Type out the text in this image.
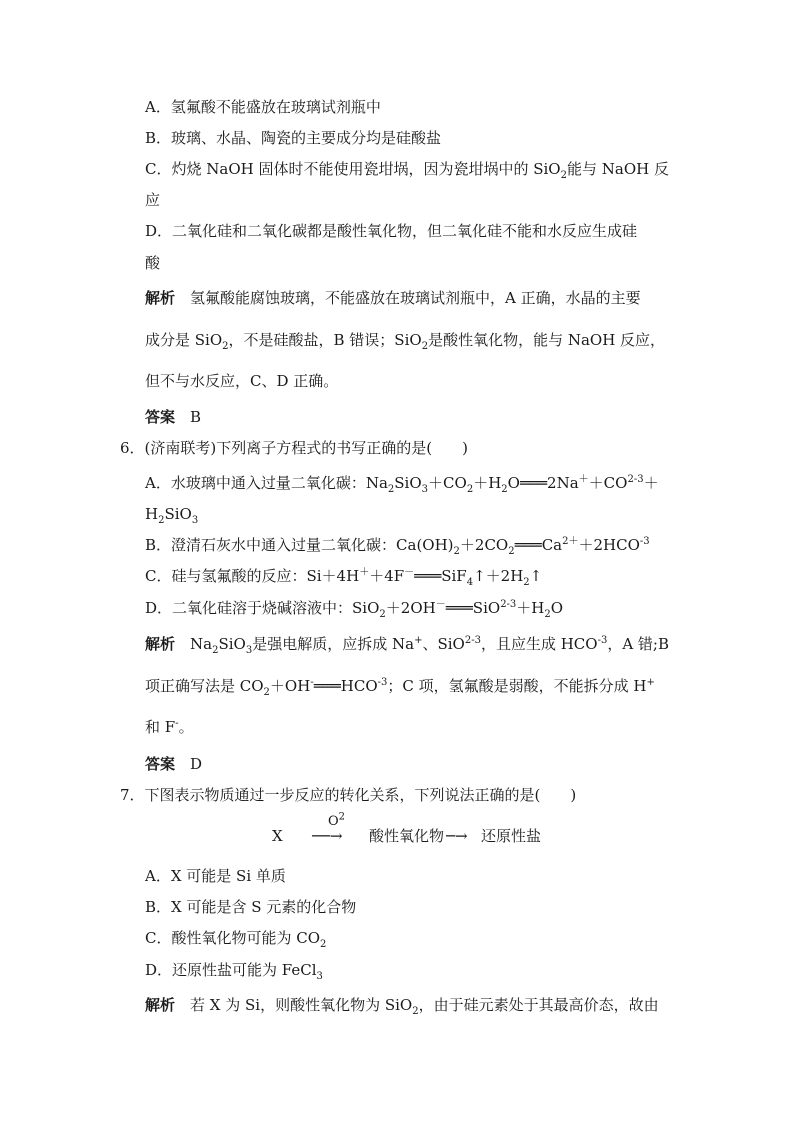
A．氢氟酸不能盛放在玻璃试剂瓶中
B．玻璃、水晶、陶瓷的主要成分均是硅酸盐
C．灼烧 NaOH 固体时不能使用瓷坩埚，因为瓷坩埚中的 SiO$_2$能与 NaOH 反
应
D．二氧化硅和二氧化碳都是酸性氧化物，但二氧化硅不能和水反应生成硅
酸
解析　 氢氟酸能腐蚀玻璃，不能盛放在玻璃试剂瓶中，A 正确，水晶的主要
成分是 SiO$_2$，不是硅酸盐，B 错误；SiO$_2$是酸性氧化物，能与 NaOH 反应，
但不与水反应，C、D 正确。
答案　 B
6．(济南联考)下列离子方程式的书写正确的是(　　)
A．水玻璃中通入过量二氧化碳：$Na_2SiO_3+CO_2+H_2O═══2Na^++CO^{2-3}+$
$H_2SiO_3$
B．澄清石灰水中通入过量二氧化碳：$Ca(OH)_2+2CO_2═══Ca^{2+}+2HCO^{-3}$
C．硅与氢氟酸的反应：$Si+4H^++4F^-═══SiF_4↑+2H_2↑$
D．二氧化硅溶于烧碱溶液中：$SiO_2+2OH^-═══SiO^{2-3}+H_2O$
解析　 $Na_2SiO_3$是强电解质，应拆成 Na+、SiO$^{2-3}$，且应生成 $HCO^{-3}$，A 错;B
项正确写法是 $CO_2+OH^-═══HCO^{-3}$；C 项，氢氟酸是弱酸，不能拆分成 H+
和 F-。
答案　 D
7．下图表示物质通过一步反应的转化关系，下列说法正确的是(　　)
X
$O^2$
──→ 酸性氧化物 ─→ 还原性盐
A．X 可能是 Si 单质
B．X 可能是含 S 元素的化合物
C．酸性氧化物可能为 $CO_2$
D．还原性盐可能为 FeCl$_3$
解析　 若 X 为 Si，则酸性氧化物为 SiO$_2$，由于硅元素处于其最高价态，故由
